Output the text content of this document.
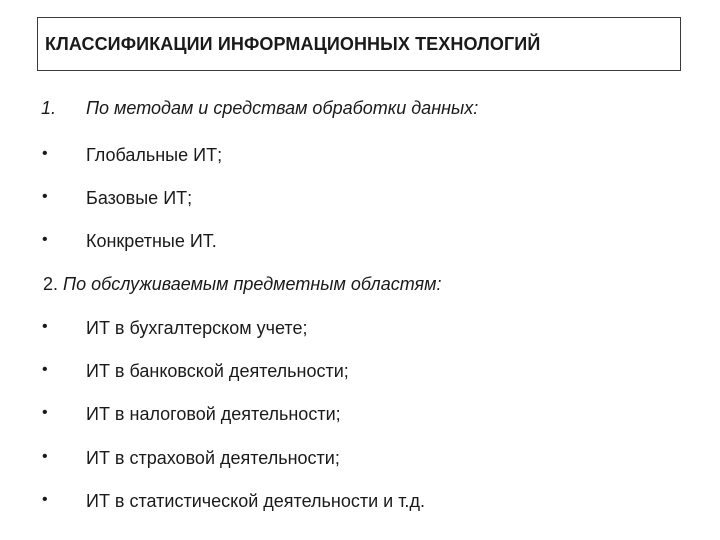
КЛАССИФИКАЦИИ ИНФОРМАЦИОННЫХ ТЕХНОЛОГИЙ
1. По методам и средствам обработки данных:
• Глобальные ИТ;
• Базовые ИТ;
• Конкретные ИТ.
2. По обслуживаемым предметным областям:
• ИТ в бухгалтерском учете;
• ИТ в банковской деятельности;
• ИТ в налоговой деятельности;
• ИТ в страховой деятельности;
• ИТ в статистической деятельности и т.д.
